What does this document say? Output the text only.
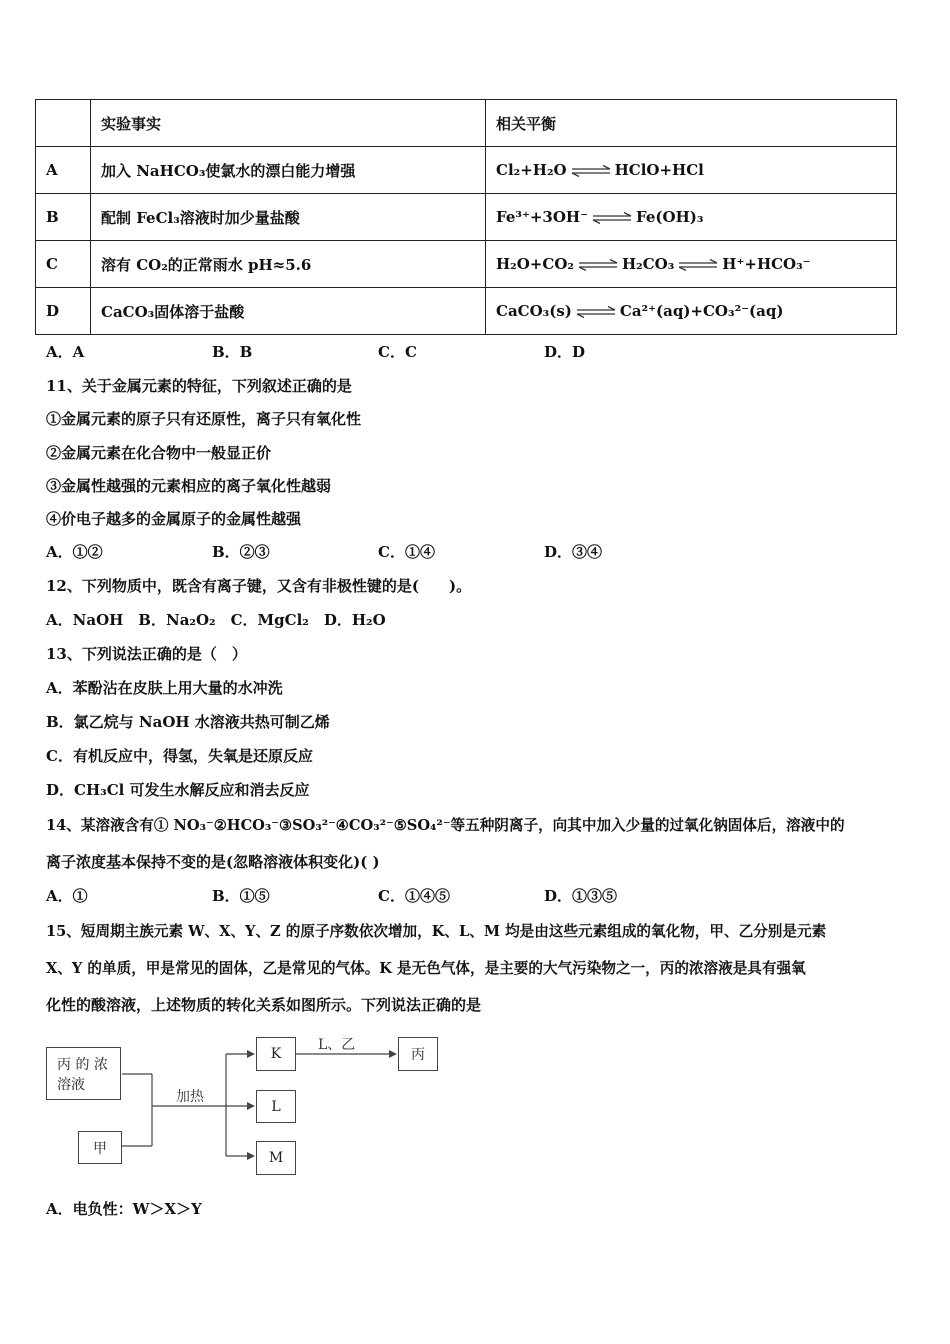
	实验事实	相关平衡
A	加入 NaHCO₃使氯水的漂白能力增强	Cl₂+H₂O ⇌ HClO+HCl
B	配制 FeCl₃溶液时加少量盐酸	Fe³⁺+3OH⁻ ⇌ Fe(OH)₃
C	溶有 CO₂的正常雨水 pH≈5.6	H₂O+CO₂ ⇌ H₂CO₃ ⇌ H⁺+HCO₃⁻
D	CaCO₃固体溶于盐酸	CaCO₃(s) ⇌ Ca²⁺(aq)+CO₃²⁻(aq)
A．A	B．B	C．C	D．D
11、关于金属元素的特征，下列叙述正确的是
①金属元素的原子只有还原性，离子只有氧化性
②金属元素在化合物中一般显正价
③金属性越强的元素相应的离子氧化性越弱
④价电子越多的金属原子的金属性越强
A．①②	B．②③	C．①④	D．③④
12、下列物质中，既含有离子键，又含有非极性键的是(　　)。
A．NaOH　B．Na₂O₂　C．MgCl₂　D．H₂O
13、下列说法正确的是（　）
A．苯酚沾在皮肤上用大量的水冲洗
B．氯乙烷与 NaOH 水溶液共热可制乙烯
C．有机反应中，得氢，失氧是还原反应
D．CH₃Cl 可发生水解反应和消去反应
14、某溶液含有① NO₃⁻②HCO₃⁻③SO₃²⁻④CO₃²⁻⑤SO₄²⁻等五种阴离子，向其中加入少量的过氧化钠固体后，溶液中的
离子浓度基本保持不变的是(忽略溶液体积变化)( )
A．①	B．①⑤	C．①④⑤	D．①③⑤
15、短周期主族元素 W、X、Y、Z 的原子序数依次增加，K、L、M 均是由这些元素组成的氧化物，甲、乙分别是元素
X、Y 的单质，甲是常见的固体，乙是常见的气体。K 是无色气体，是主要的大气污染物之一，丙的浓溶液是具有强氧
化性的酸溶液，上述物质的转化关系如图所示。下列说法正确的是
丙 的 浓
溶液
甲
加热
K
L
M
L、乙
丙
A．电负性：W＞X＞Y
